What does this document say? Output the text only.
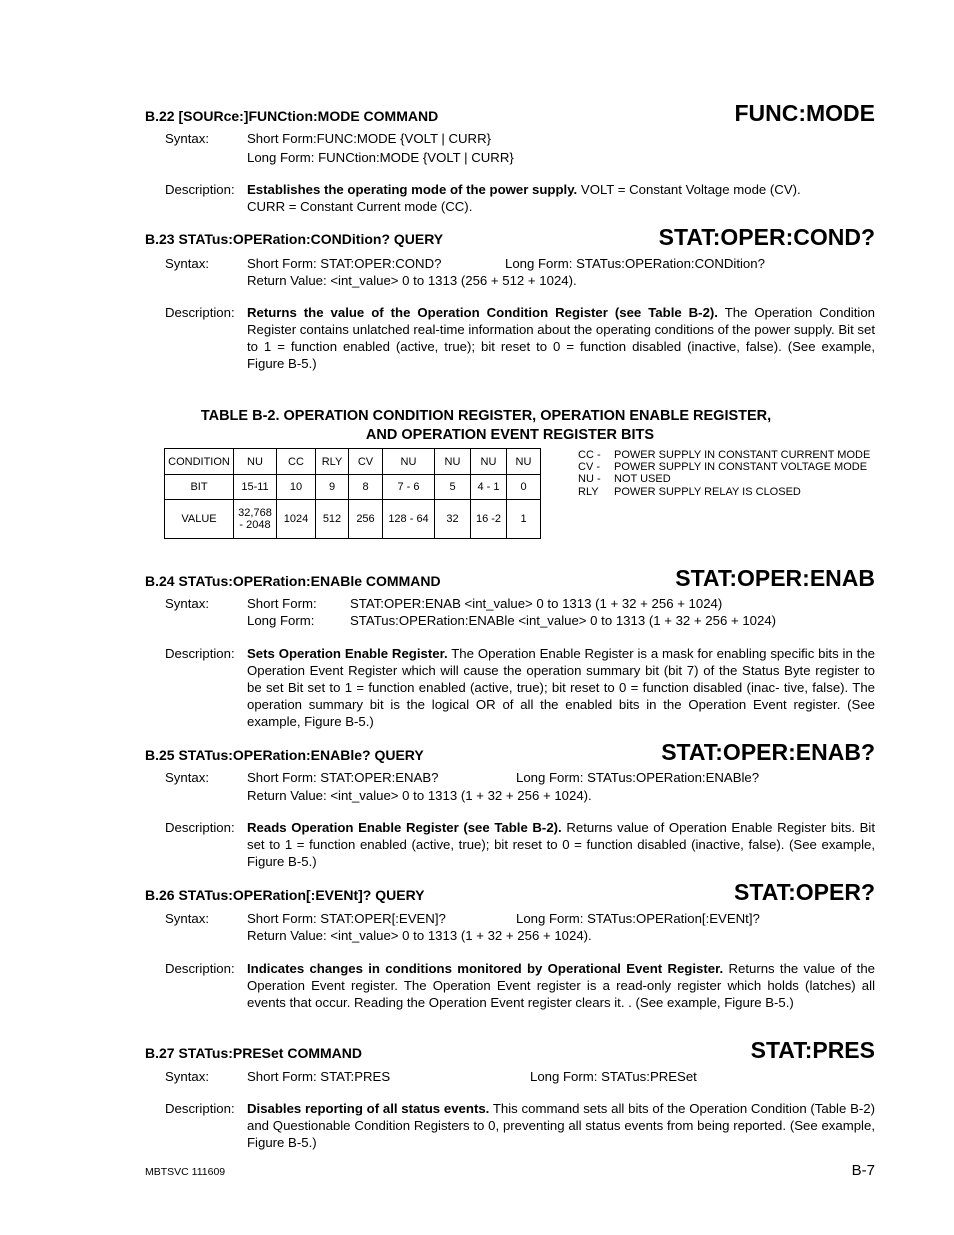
B.22 [SOURce:]FUNCtion:MODE COMMAND	FUNC:MODE
Syntax:	Short Form:FUNC:MODE {VOLT | CURR}
Long Form: FUNCtion:MODE {VOLT | CURR}
Description: Establishes the operating mode of the power supply. VOLT = Constant Voltage mode (CV).
CURR = Constant Current mode (CC).
B.23 STATus:OPERation:CONDition? QUERY	STAT:OPER:COND?
Syntax:	Short Form: STAT:OPER:COND?	Long Form: STATus:OPERation:CONDition?
Return Value: <int_value> 0 to 1313 (256 + 512 + 1024).
Description: Returns the value of the Operation Condition Register (see Table B-2). The Operation Condition Register contains unlatched real-time information about the operating conditions of the power supply. Bit set to 1 = function enabled (active, true); bit reset to 0 = function disabled (inactive, false). (See example, Figure B-5.)
TABLE B-2. OPERATION CONDITION REGISTER, OPERATION ENABLE REGISTER,
AND OPERATION EVENT REGISTER BITS
CONDITION	NU	CC	RLY	CV	NU	NU	NU	NU
BIT	15-11	10	9	8	7 - 6	5	4 - 1	0
VALUE	32,768 - 2048	1024	512	256	128 - 64	32	16 -2	1
CC - POWER SUPPLY IN CONSTANT CURRENT MODE
CV - POWER SUPPLY IN CONSTANT VOLTAGE MODE
NU - NOT USED
RLY POWER SUPPLY RELAY IS CLOSED
B.24 STATus:OPERation:ENABle COMMAND	STAT:OPER:ENAB
Syntax:	Short Form:	STAT:OPER:ENAB <int_value> 0 to 1313 (1 + 32 + 256 + 1024)
Long Form:	STATus:OPERation:ENABle <int_value> 0 to 1313 (1 + 32 + 256 + 1024)
Description: Sets Operation Enable Register. The Operation Enable Register is a mask for enabling specific bits in the Operation Event Register which will cause the operation summary bit (bit 7) of the Status Byte register to be set Bit set to 1 = function enabled (active, true); bit reset to 0 = function disabled (inac- tive, false). The operation summary bit is the logical OR of all the enabled bits in the Operation Event register. (See example, Figure B-5.)
B.25 STATus:OPERation:ENABle? QUERY	STAT:OPER:ENAB?
Syntax:	Short Form: STAT:OPER:ENAB?	Long Form: STATus:OPERation:ENABle?
Return Value: <int_value> 0 to 1313 (1 + 32 + 256 + 1024).
Description: Reads Operation Enable Register (see Table B-2). Returns value of Operation Enable Register bits. Bit set to 1 = function enabled (active, true); bit reset to 0 = function disabled (inactive, false). (See example, Figure B-5.)
B.26 STATus:OPERation[:EVENt]? QUERY	STAT:OPER?
Syntax:	Short Form: STAT:OPER[:EVEN]?	Long Form: STATus:OPERation[:EVENt]?
Return Value: <int_value> 0 to 1313 (1 + 32 + 256 + 1024).
Description: Indicates changes in conditions monitored by Operational Event Register. Returns the value of the Operation Event register. The Operation Event register is a read-only register which holds (latches) all events that occur. Reading the Operation Event register clears it. . (See example, Figure B-5.)
B.27 STATus:PRESet COMMAND	STAT:PRES
Syntax:	Short Form: STAT:PRES	Long Form: STATus:PRESet
Description: Disables reporting of all status events. This command sets all bits of the Operation Condition (Table B-2) and Questionable Condition Registers to 0, preventing all status events from being reported. (See example, Figure B-5.)
MBTSVC 111609	B-7
